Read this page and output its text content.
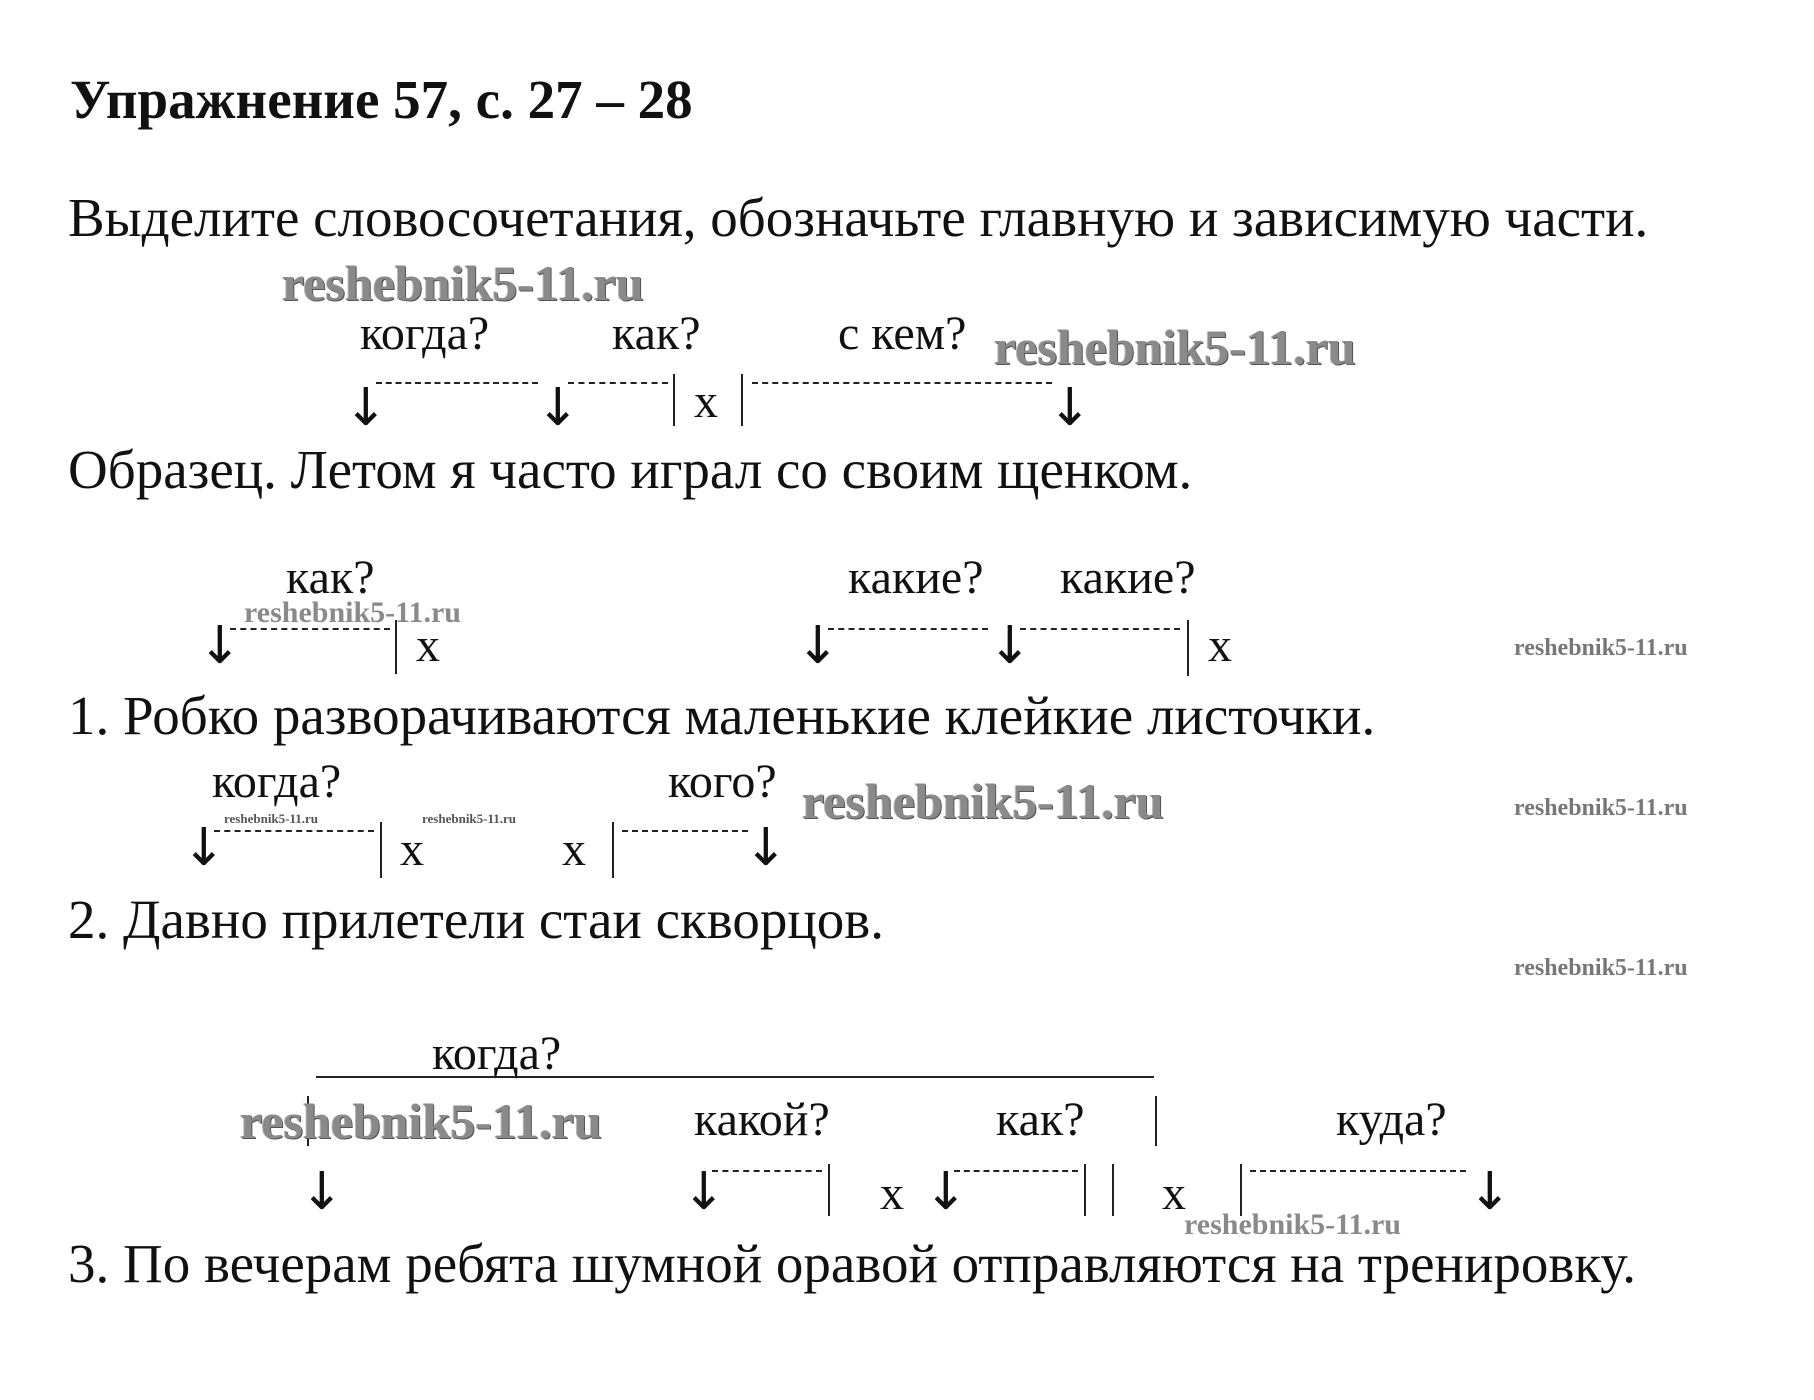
Упражнение 57, с. 27 – 28
Выделите словосочетания, обозначьте главную и зависимую части.
reshebnik5-11.ru
когда?	как?	с кем? reshebnik5-11.ru
↓	↓ x	↓
Образец. Летом я часто играл со своим щенком.
как?
reshebnik5-11.ru
какие? какие?
↓	x	↓	↓	x	reshebnik5-11.ru
1. Робко разворачиваются маленькие клейкие листочки.
когда?	кого? reshebnik5-11.ru	reshebnik5-11.ru
reshebnik5-11.ru	reshebnik5-11.ru
↓	x	x	↓
2. Давно прилетели стаи скворцов.
reshebnik5-11.ru
когда?
reshebnik5-11.ru какой?	как?	куда?
↓	↓	x ↓	x	↓
reshebnik5-11.ru
3. По вечерам ребята шумной оравой отправляются на тренировку.
